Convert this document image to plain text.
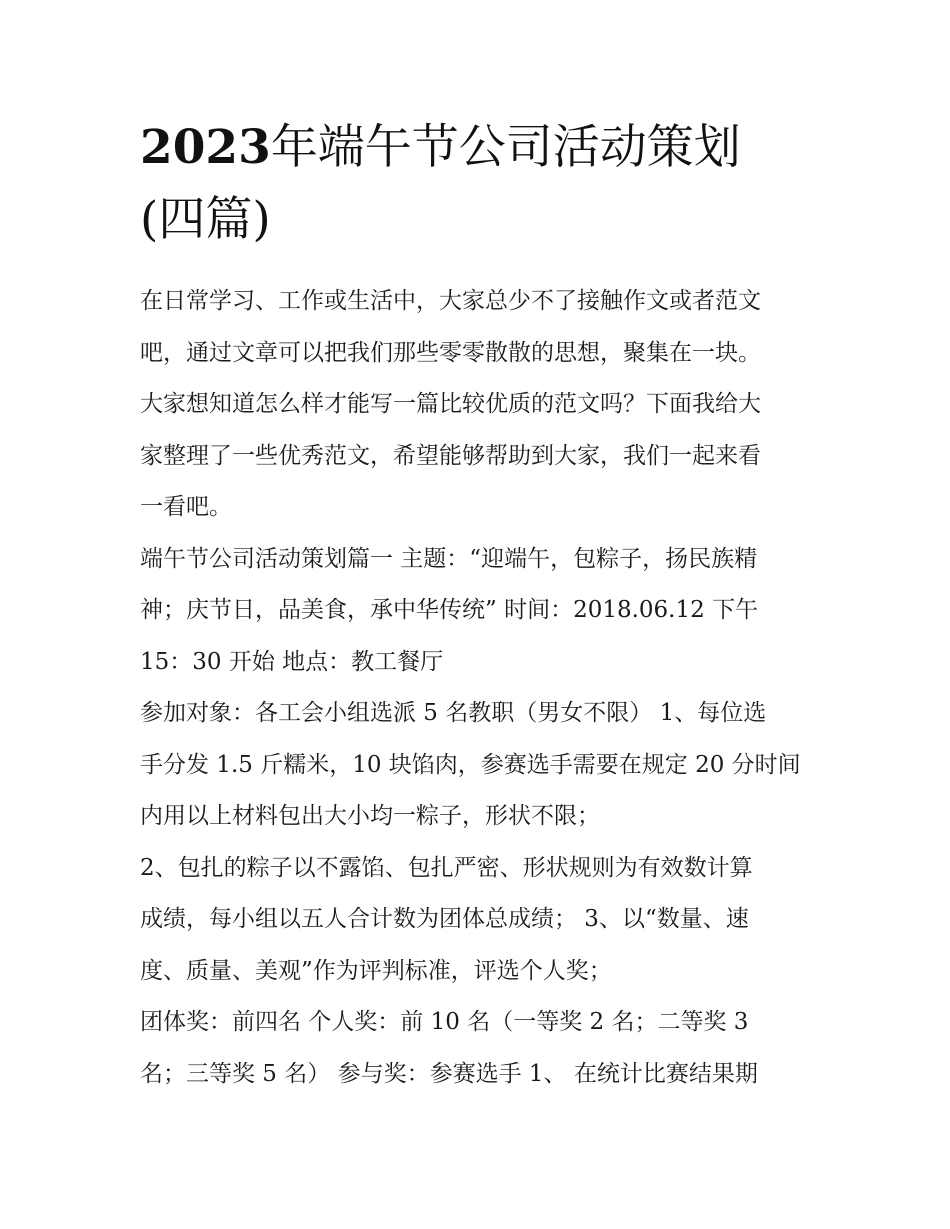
2023年端午节公司活动策划
(四篇)
在日常学习、工作或生活中，大家总少不了接触作文或者范文
吧，通过文章可以把我们那些零零散散的思想，聚集在一块。
大家想知道怎么样才能写一篇比较优质的范文吗？下面我给大
家整理了一些优秀范文，希望能够帮助到大家，我们一起来看
一看吧。
端午节公司活动策划篇一 主题：“迎端午，包粽子，扬民族精
神；庆节日，品美食，承中华传统” 时间：2018.06.12 下午
15：30 开始 地点：教工餐厅
参加对象：各工会小组选派 5 名教职（男女不限） 1、每位选
手分发 1.5 斤糯米，10 块馅肉，参赛选手需要在规定 20 分时间
内用以上材料包出大小均一粽子，形状不限；
2、包扎的粽子以不露馅、包扎严密、形状规则为有效数计算
成绩，每小组以五人合计数为团体总成绩； 3、以“数量、速
度、质量、美观”作为评判标准，评选个人奖；
团体奖：前四名 个人奖：前 10 名（一等奖 2 名；二等奖 3
名；三等奖 5 名） 参与奖：参赛选手 1、 在统计比赛结果期
